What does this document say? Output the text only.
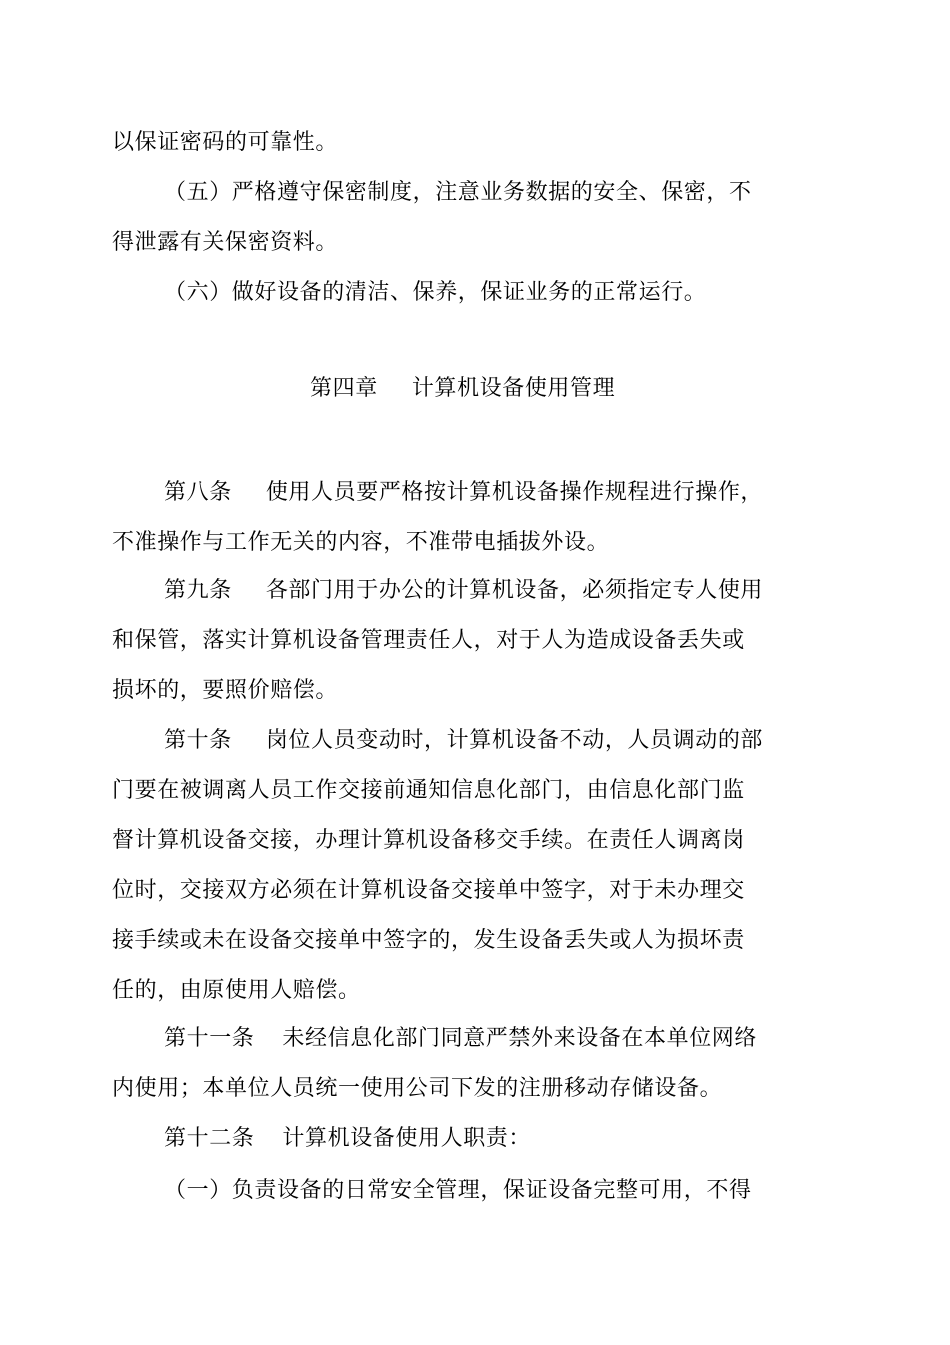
以保证密码的可靠性。
（五）严格遵守保密制度，注意业务数据的安全、保密，不
得泄露有关保密资料。
（六）做好设备的清洁、保养，保证业务的正常运行。
第四章 计算机设备使用管理
第八条 使用人员要严格按计算机设备操作规程进行操作，
不准操作与工作无关的内容，不准带电插拔外设。
第九条 各部门用于办公的计算机设备，必须指定专人使用
和保管，落实计算机设备管理责任人，对于人为造成设备丢失或
损坏的，要照价赔偿。
第十条 岗位人员变动时，计算机设备不动，人员调动的部
门要在被调离人员工作交接前通知信息化部门，由信息化部门监
督计算机设备交接，办理计算机设备移交手续。在责任人调离岗
位时，交接双方必须在计算机设备交接单中签字，对于未办理交
接手续或未在设备交接单中签字的，发生设备丢失或人为损坏责
任的，由原使用人赔偿。
第十一条 未经信息化部门同意严禁外来设备在本单位网络
内使用；本单位人员统一使用公司下发的注册移动存储设备。
第十二条 计算机设备使用人职责：
（一）负责设备的日常安全管理，保证设备完整可用，不得
